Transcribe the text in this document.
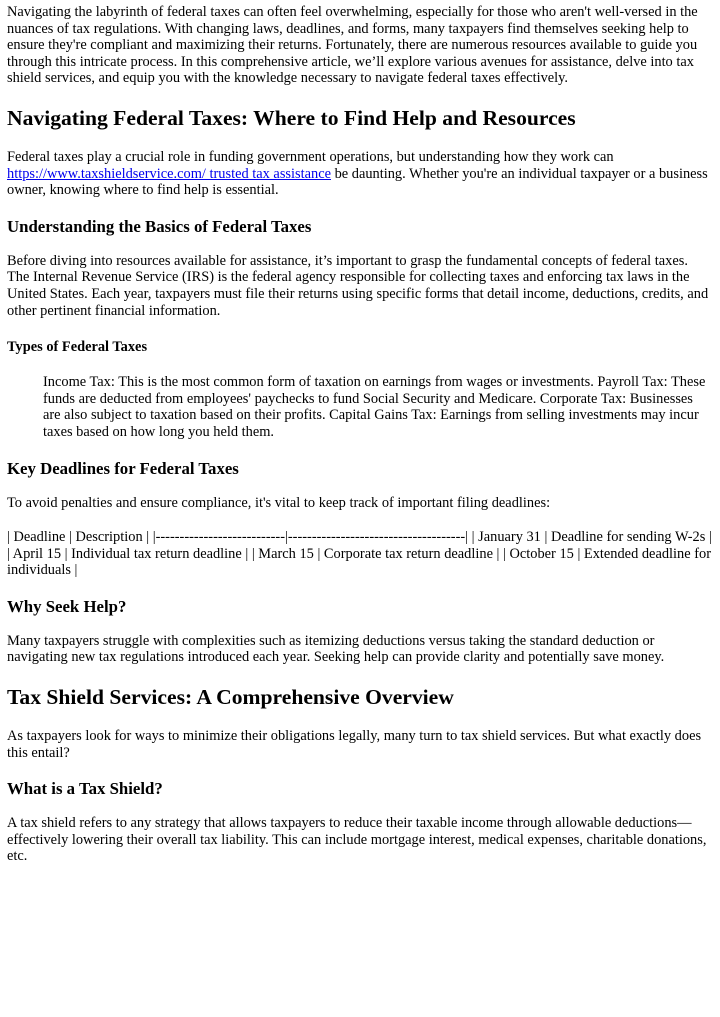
Navigating the labyrinth of federal taxes can often feel overwhelming, especially for those who aren't well-versed in the nuances of tax regulations. With changing laws, deadlines, and forms, many taxpayers find themselves seeking help to ensure they're compliant and maximizing their returns. Fortunately, there are numerous resources available to guide you through this intricate process. In this comprehensive article, we’ll explore various avenues for assistance, delve into tax shield services, and equip you with the knowledge necessary to navigate federal taxes effectively.

Navigating Federal Taxes: Where to Find Help and Resources

Federal taxes play a crucial role in funding government operations, but understanding how they work can https://www.taxshieldservice.com/ trusted tax assistance be daunting. Whether you're an individual taxpayer or a business owner, knowing where to find help is essential.

Understanding the Basics of Federal Taxes

Before diving into resources available for assistance, it’s important to grasp the fundamental concepts of federal taxes. The Internal Revenue Service (IRS) is the federal agency responsible for collecting taxes and enforcing tax laws in the United States. Each year, taxpayers must file their returns using specific forms that detail income, deductions, credits, and other pertinent financial information.

Types of Federal Taxes

Income Tax: This is the most common form of taxation on earnings from wages or investments. Payroll Tax: These funds are deducted from employees' paychecks to fund Social Security and Medicare. Corporate Tax: Businesses are also subject to taxation based on their profits. Capital Gains Tax: Earnings from selling investments may incur taxes based on how long you held them.

Key Deadlines for Federal Taxes

To avoid penalties and ensure compliance, it's vital to keep track of important filing deadlines:

| Deadline | Description | |---------------------------|-------------------------------------| | January 31 | Deadline for sending W-2s | | April 15 | Individual tax return deadline | | March 15 | Corporate tax return deadline | | October 15 | Extended deadline for individuals |

Why Seek Help?

Many taxpayers struggle with complexities such as itemizing deductions versus taking the standard deduction or navigating new tax regulations introduced each year. Seeking help can provide clarity and potentially save money.

Tax Shield Services: A Comprehensive Overview

As taxpayers look for ways to minimize their obligations legally, many turn to tax shield services. But what exactly does this entail?

What is a Tax Shield?

A tax shield refers to any strategy that allows taxpayers to reduce their taxable income through allowable deductions—effectively lowering their overall tax liability. This can include mortgage interest, medical expenses, charitable donations, etc.
